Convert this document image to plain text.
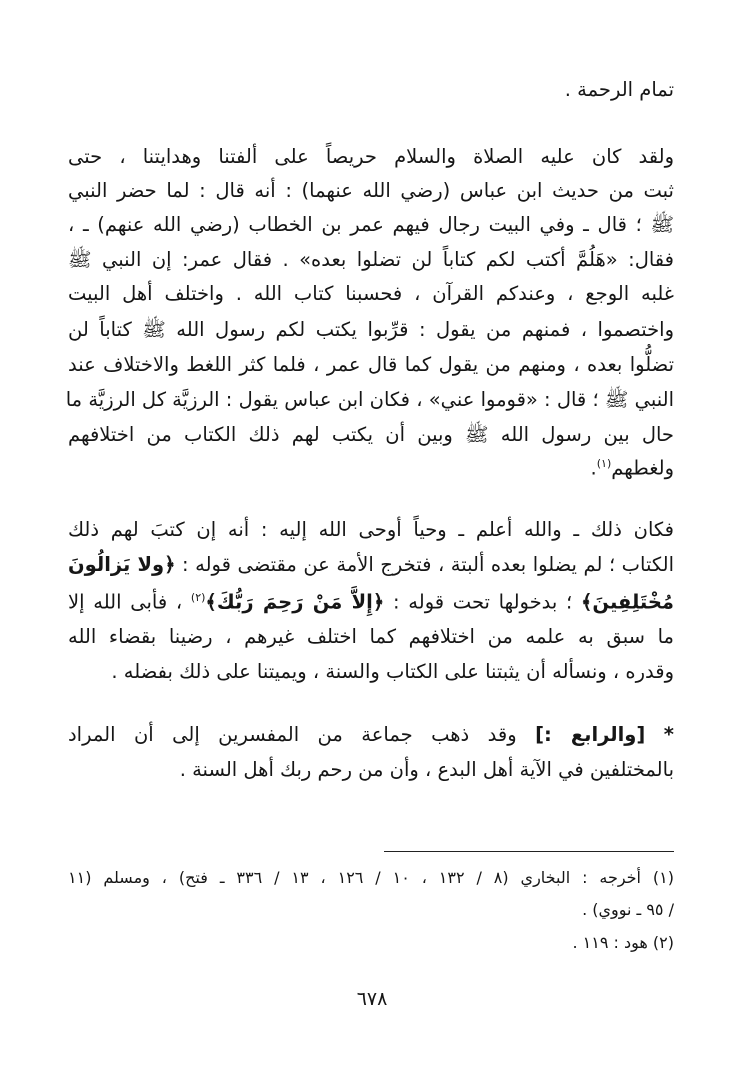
تمام الرحمة .
ولقد كان عليه الصلاة والسلام حريصاً على ألفتنا وهدايتنا ، حتى
ثبت من حديث ابن عباس (رضي الله عنهما) : أنه قال : لما حضر النبي
ﷺ ؛ قال ـ وفي البيت رجال فيهم عمر بن الخطاب (رضي الله عنهم) ـ ،
فقال: «هَلُمَّ أكتب لكم كتاباً لن تضلوا بعده» . فقال عمر: إن النبي ﷺ
غلبه الوجع ، وعندكم القرآن ، فحسبنا كتاب الله . واختلف أهل البيت
واختصموا ، فمنهم من يقول : قرِّبوا يكتب لكم رسول الله ﷺ كتاباً لن
تضلُّوا بعده ، ومنهم من يقول كما قال عمر ، فلما كثر اللغط والاختلاف عند
النبي ﷺ ؛ قال : «قوموا عني» ، فكان ابن عباس يقول : الرزيَّة كل الرزيَّة ما
حال بين رسول الله ﷺ وبين أن يكتب لهم ذلك الكتاب من اختلافهم
ولغطهم$^{(١)}$.
فكان ذلك ـ والله أعلم ـ وحياً أوحى الله إليه : أنه إن كتبَ لهم ذلك
الكتاب ؛ لم يضلوا بعده ألبتة ، فتخرج الأمة عن مقتضى قوله : ﴿ولا يَزالُونَ
مُخْتَلِفِينَ﴾ ؛ بدخولها تحت قوله : ﴿إِلاَّ مَنْ رَحِمَ رَبُّكَ﴾$^{(٢)}$ ، فأبى الله إلا
ما سبق به علمه من اختلافهم كما اختلف غيرهم ، رضينا بقضاء الله
وقدره ، ونسأله أن يثبتنا على الكتاب والسنة ، ويميتنا على ذلك بفضله .
* [والرابع :] وقد ذهب جماعة من المفسرين إلى أن المراد
بالمختلفين في الآية أهل البدع ، وأن من رحم ربك أهل السنة .
(١) أخرجه : البخاري (٨ / ١٣٢ ، ١٠ / ١٢٦ ، ١٣ / ٣٣٦ ـ فتح) ، ومسلم (١١
/ ٩٥ ـ نووي) .
(٢) هود : ١١٩ .
٦٧٨
